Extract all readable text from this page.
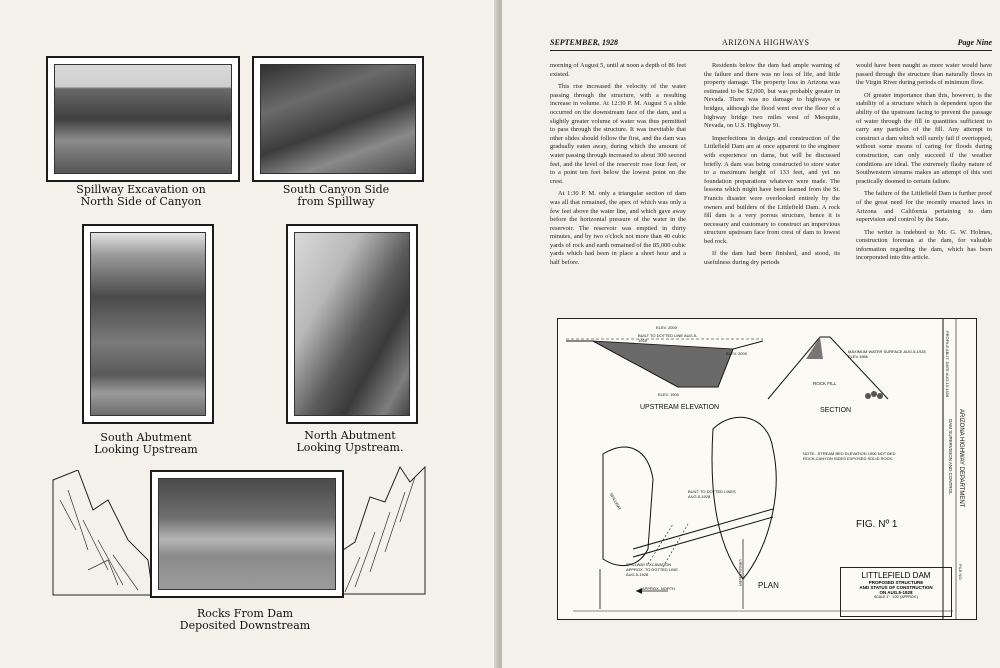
Spillway Excavation on
North Side of Canyon
South Canyon Side
from Spillway
South Abutment
Looking Upstream
North Abutment
Looking Upstream.
Rocks From Dam
Deposited Downstream
SEPTEMBER, 1928	ARIZONA HIGHWAYS	Page Nine

morning of August 5, until at noon a depth of 86 feet existed.

This rise increased the velocity of the water passing through the structure, with a resulting increase in volume. At 12:30 P. M. August 5 a slide occurred on the downstream face of the dam, and a slightly greater volume of water was thus permitted to pass through the structure. It was inevitable that other slides should follow the first, and the dam was gradually eaten away, during which the amount of water passing through increased to about 300 second feet, and the level of the reservoir rose four feet, or to a point ten feet below the lowest point on the crest.

At 1:30 P. M. only a triangular section of dam was all that remained, the apex of which was only a few feet above the water line, and which gave away before the horizontal pressure of the water in the reservoir. The reservoir was emptied in thirty minutes, and by two o'clock not more than 40 cubic yards of rock and earth remained of the 85,000 cubic yards which had been in place a short hour and a half before.

Residents below the dam had ample warning of the failure and there was no loss of life, and little property damage. The property loss in Arizona was estimated to be $2,000, but was probably greater in Nevada. There was no damage to highways or bridges, although the flood went over the floor of a highway bridge two miles west of Mesquite, Nevada, on U.S. Highway 91.

Imperfections in design and construction of the Littlefield Dam are at once apparent to the engineer with experience on dams, but will be discussed briefly. A dam was being constructed to store water to a maximum height of 133 feet, and yet no foundation preparations whatever were made. The lessons which might have been learned from the St. Francis disaster were overlooked entirely by the owners and builders of the Littlefield Dam. A rock fill dam is a very porous structure, hence it is necessary and customary to construct an impervious structure upstream face from crest of dam to lowest bed rock.

If the dam had been finished, and stood, its usefulness during dry periods

would have been naught as more water would have passed through the structure than naturally flows in the Virgin River during periods of minimum flow.

Of greater importance than this, however, is the stability of a structure which is dependent upon the ability of the upstream facing to prevent the passage of water through the fill in quantities sufficient to carry any particles of the fill. Any attempt to construct a dam which will surely fail if overtopped, without some means of caring for floods during construction, can only succeed if the weather conditions are ideal. The extremely flashy nature of Southwestern streams makes an attempt of this sort practically doomed to certain failure.

The failure of the Littlefield Dam is further proof of the great need for the recently enacted laws in Arizona and California pertaining to dam supervision and control by the State.

The writer is indebted to Mr. G. W. Holmes, construction foreman at the dam, for valuable information regarding the dam, which has been incorporated into this article.

ELEV. 2000
BUILT TO DOTTED LINE AUG.5-1928
ELEV. 2000
ELEV. 1900
UPSTREAM ELEVATION
MAXIMUM WATER SURFACE AUG.5-1928 ELEV.1986
ROCK FILL
SECTION
PROFILE ABUT. DATE AUG.15-1928
ARIZONA HIGHWAY DEPARTMENT
DAM SUPERVISION AND CONTROL
FILE NO.
NOTE:- STREAM BED ELEVATION 1900 NOT BED ROCK,CANYON SIDES EXPOSED SOLID ROCK.
BUILT TO DOTTED LINES AUG.5-1928
SPILLWAY
SPILLWAY EXCAVATION APPROX. TO DOTTED LINE AUG.5-1928
APPROX. NORTH
VIRGIN RIVER PLAN
FIG. Nº 1
LITTLEFIELD DAM
PROPOSED STRUCTURE
AND STATUS OF CONSTRUCTION
ON AUG.5-1928
SCALE 1" - 100' (APPROX.)
